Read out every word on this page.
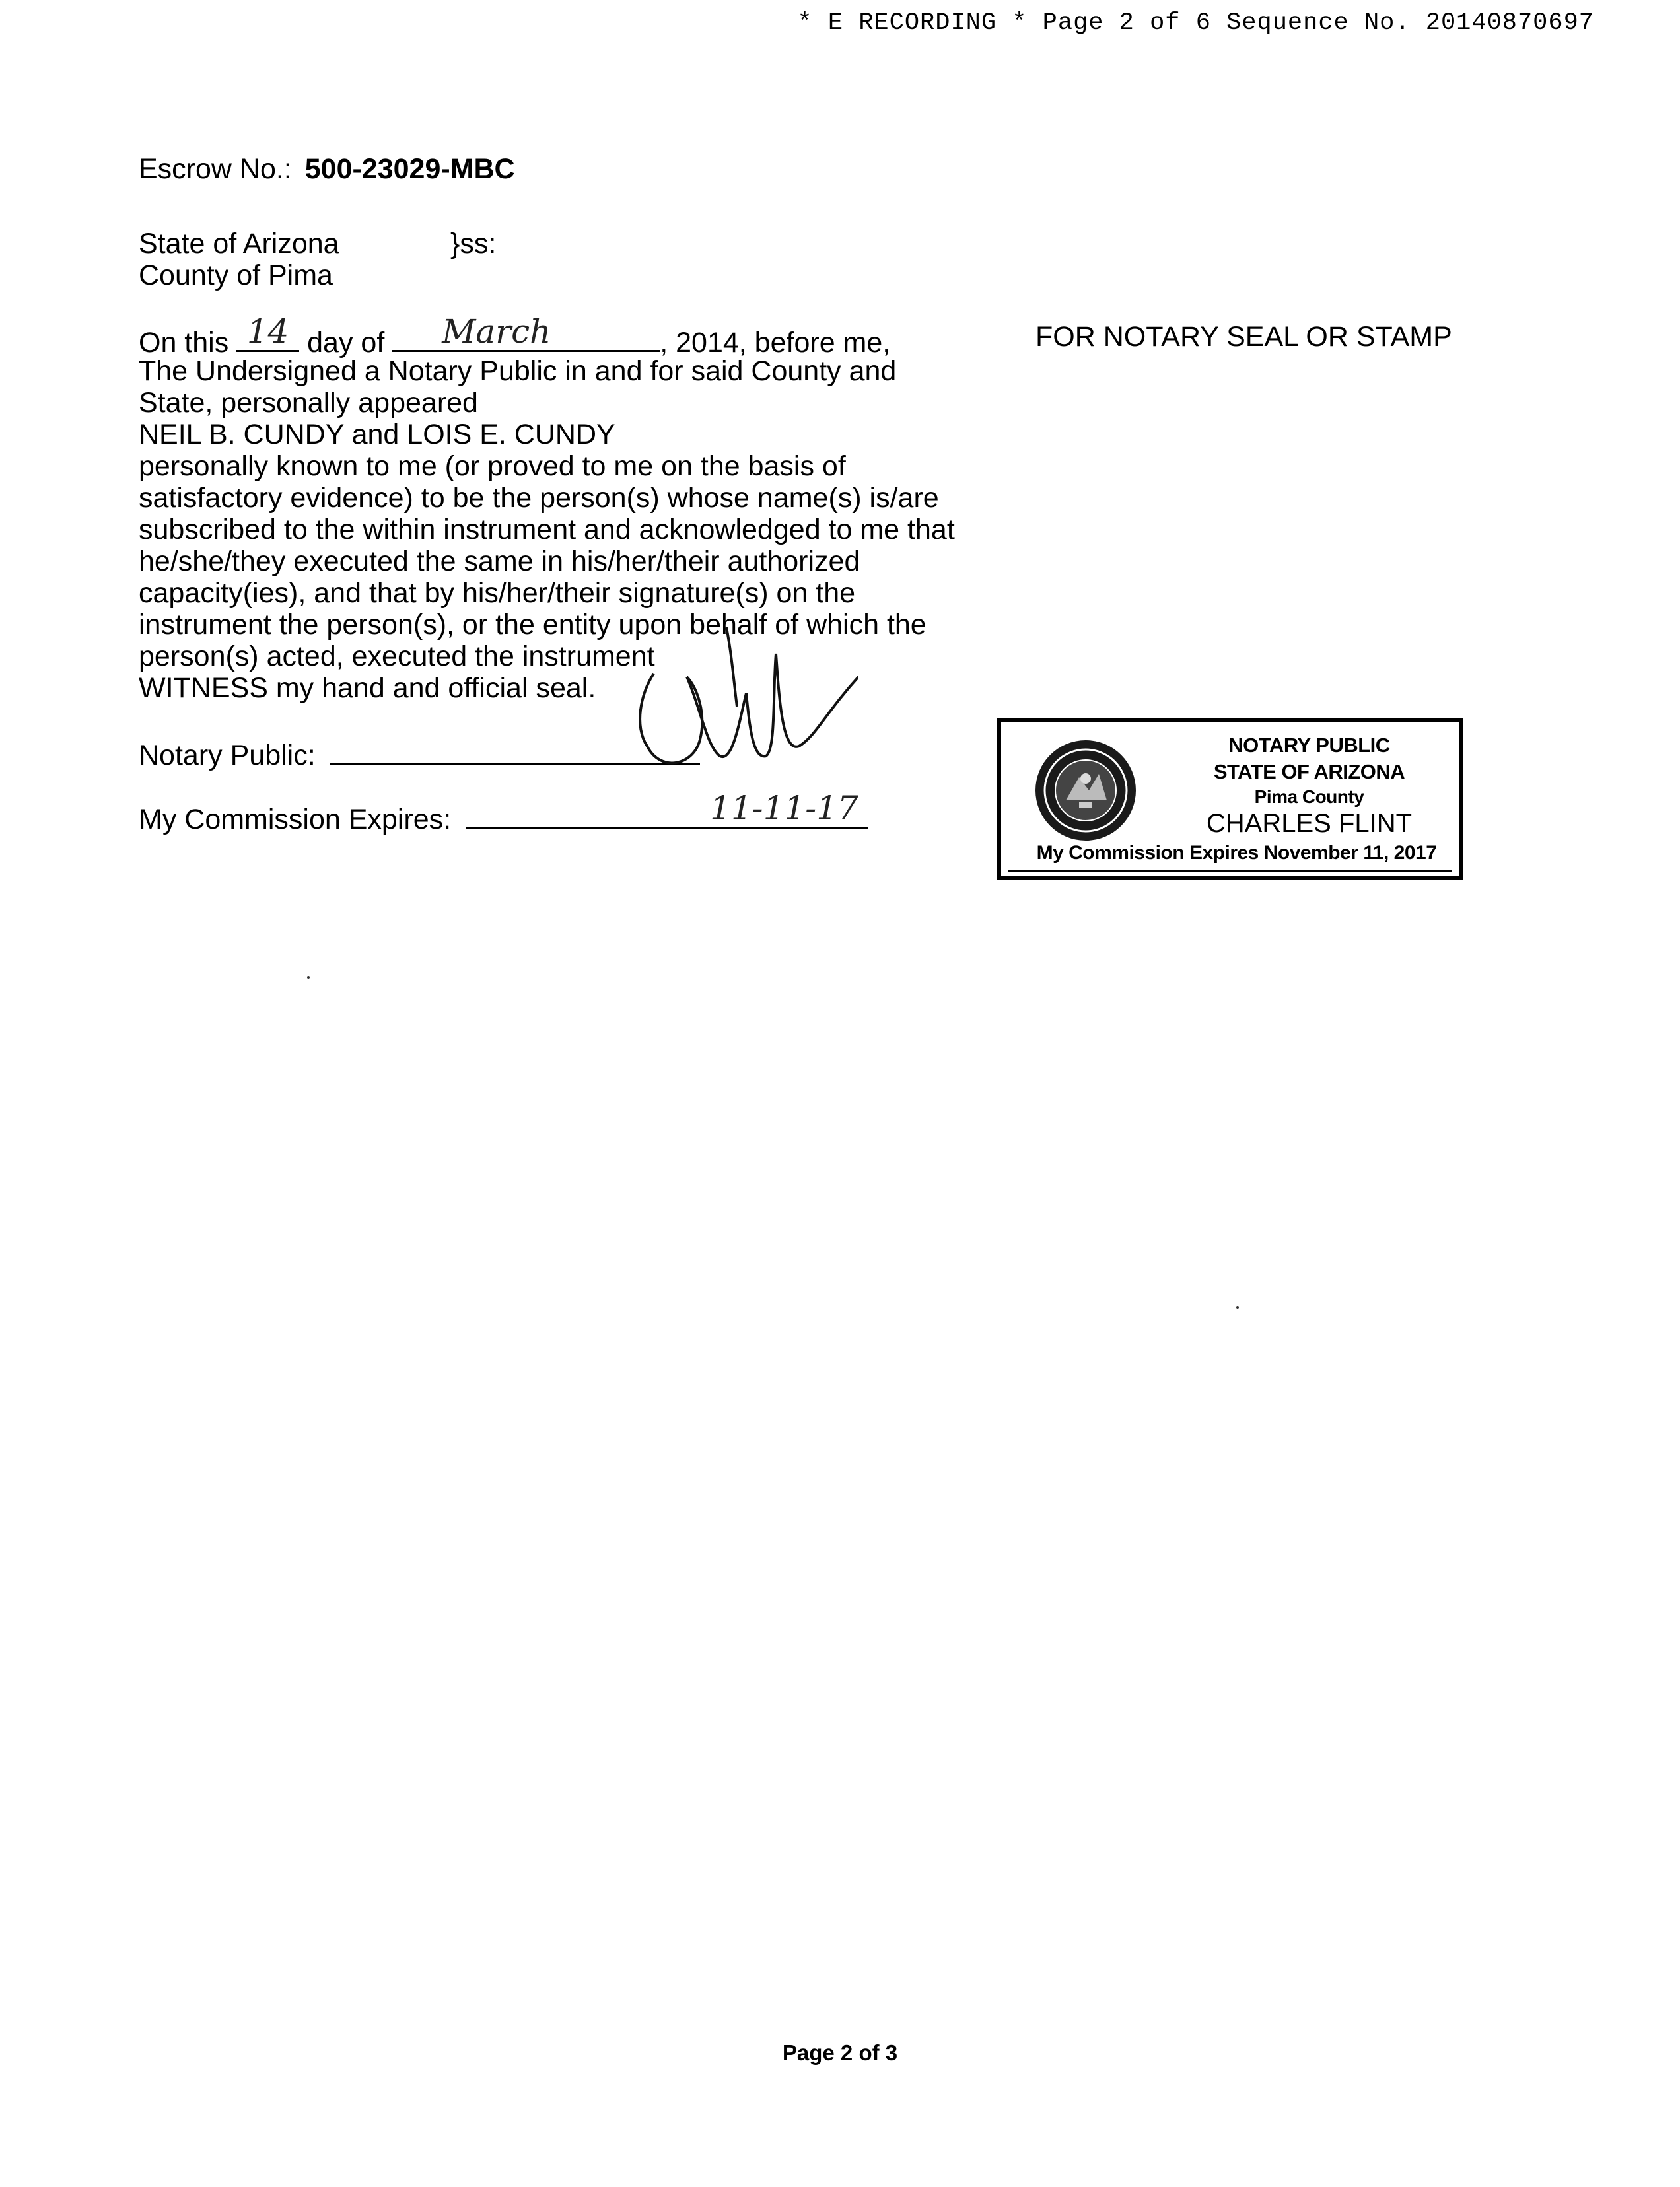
* E RECORDING * Page 2 of 6 Sequence No. 20140870697
Escrow No.: 500-23029-MBC
State of Arizona	}ss:
County of Pima
On this 14 day of March	, 2014, before me,
The Undersigned a Notary Public in and for said County and
State, personally appeared
NEIL B. CUNDY and LOIS E. CUNDY
personally known to me (or proved to me on the basis of
satisfactory evidence) to be the person(s) whose name(s) is/are
subscribed to the within instrument and acknowledged to me that
he/she/they executed the same in his/her/their authorized
capacity(ies), and that by his/her/their signature(s) on the
instrument the person(s), or the entity upon behalf of which the
person(s) acted, executed the instrument
WITNESS my hand and official seal.
Notary Public:
My Commission Expires:	11-11-17
FOR NOTARY SEAL OR STAMP
NOTARY PUBLIC
STATE OF ARIZONA
Pima County
CHARLES FLINT
My Commission Expires November 11, 2017
Page 2 of 3
